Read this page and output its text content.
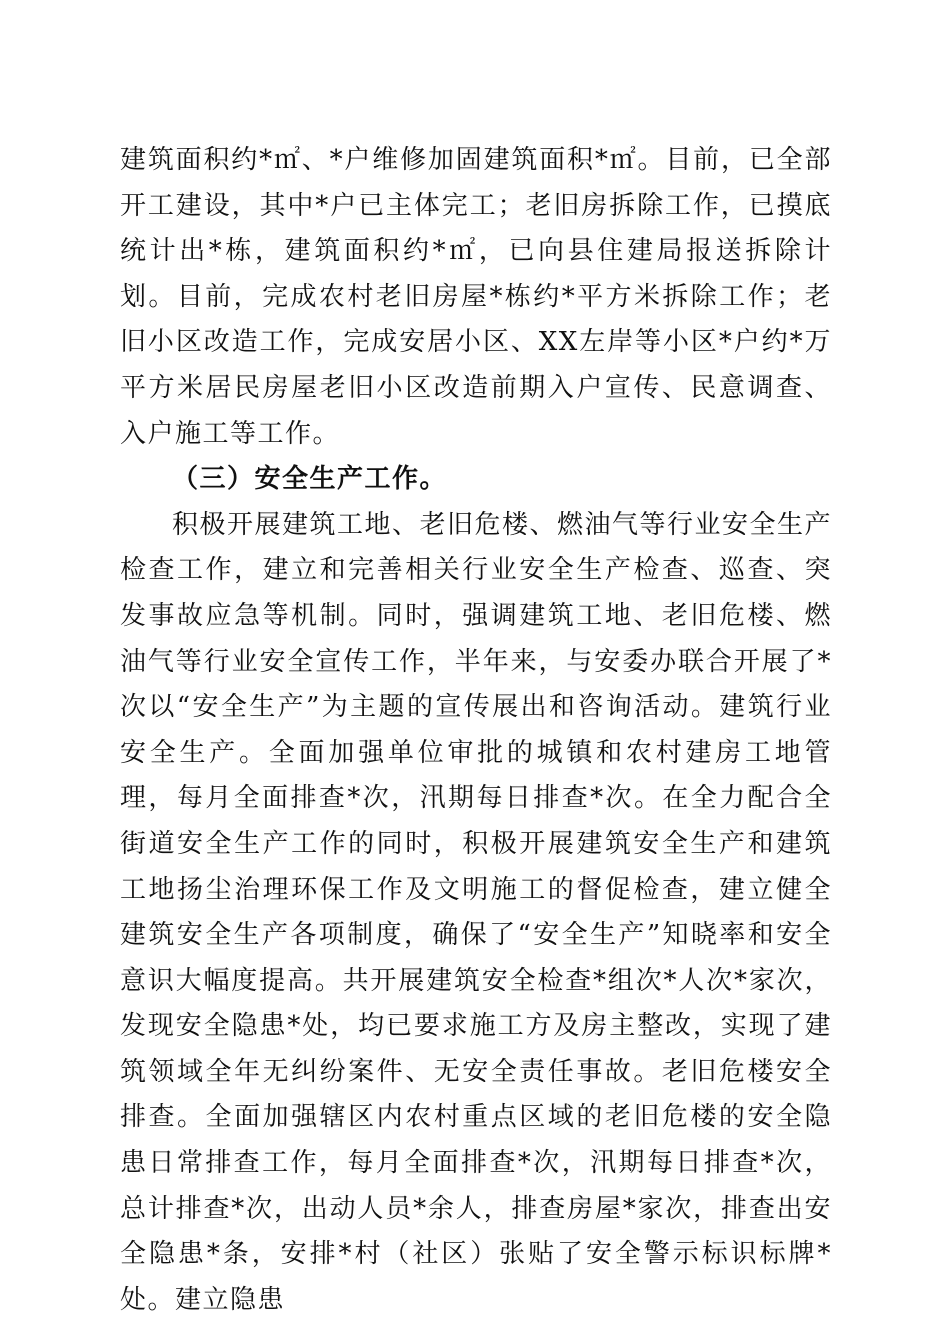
建筑面积约*㎡、*户维修加固建筑面积*㎡。目前，已全部开工建设，其中*户已主体完工；老旧房拆除工作，已摸底统计出*栋，建筑面积约*㎡，已向县住建局报送拆除计划。目前，完成农村老旧房屋*栋约*平方米拆除工作；老旧小区改造工作，完成安居小区、XX左岸等小区*户约*万平方米居民房屋老旧小区改造前期入户宣传、民意调查、入户施工等工作。

（三）安全生产工作。

积极开展建筑工地、老旧危楼、燃油气等行业安全生产检查工作，建立和完善相关行业安全生产检查、巡查、突发事故应急等机制。同时，强调建筑工地、老旧危楼、燃油气等行业安全宣传工作，半年来，与安委办联合开展了*次以“安全生产”为主题的宣传展出和咨询活动。建筑行业安全生产。全面加强单位审批的城镇和农村建房工地管理，每月全面排查*次，汛期每日排查*次。在全力配合全街道安全生产工作的同时，积极开展建筑安全生产和建筑工地扬尘治理环保工作及文明施工的督促检查，建立健全建筑安全生产各项制度，确保了“安全生产”知晓率和安全意识大幅度提高。共开展建筑安全检查*组次*人次*家次，发现安全隐患*处，均已要求施工方及房主整改，实现了建筑领域全年无纠纷案件、无安全责任事故。老旧危楼安全排查。全面加强辖区内农村重点区域的老旧危楼的安全隐患日常排查工作，每月全面排查*次，汛期每日排查*次，总计排查*次，出动人员*余人，排查房屋*家次，排查出安全隐患*条，安排*村（社区）张贴了安全警示标识标牌*处。建立隐患
